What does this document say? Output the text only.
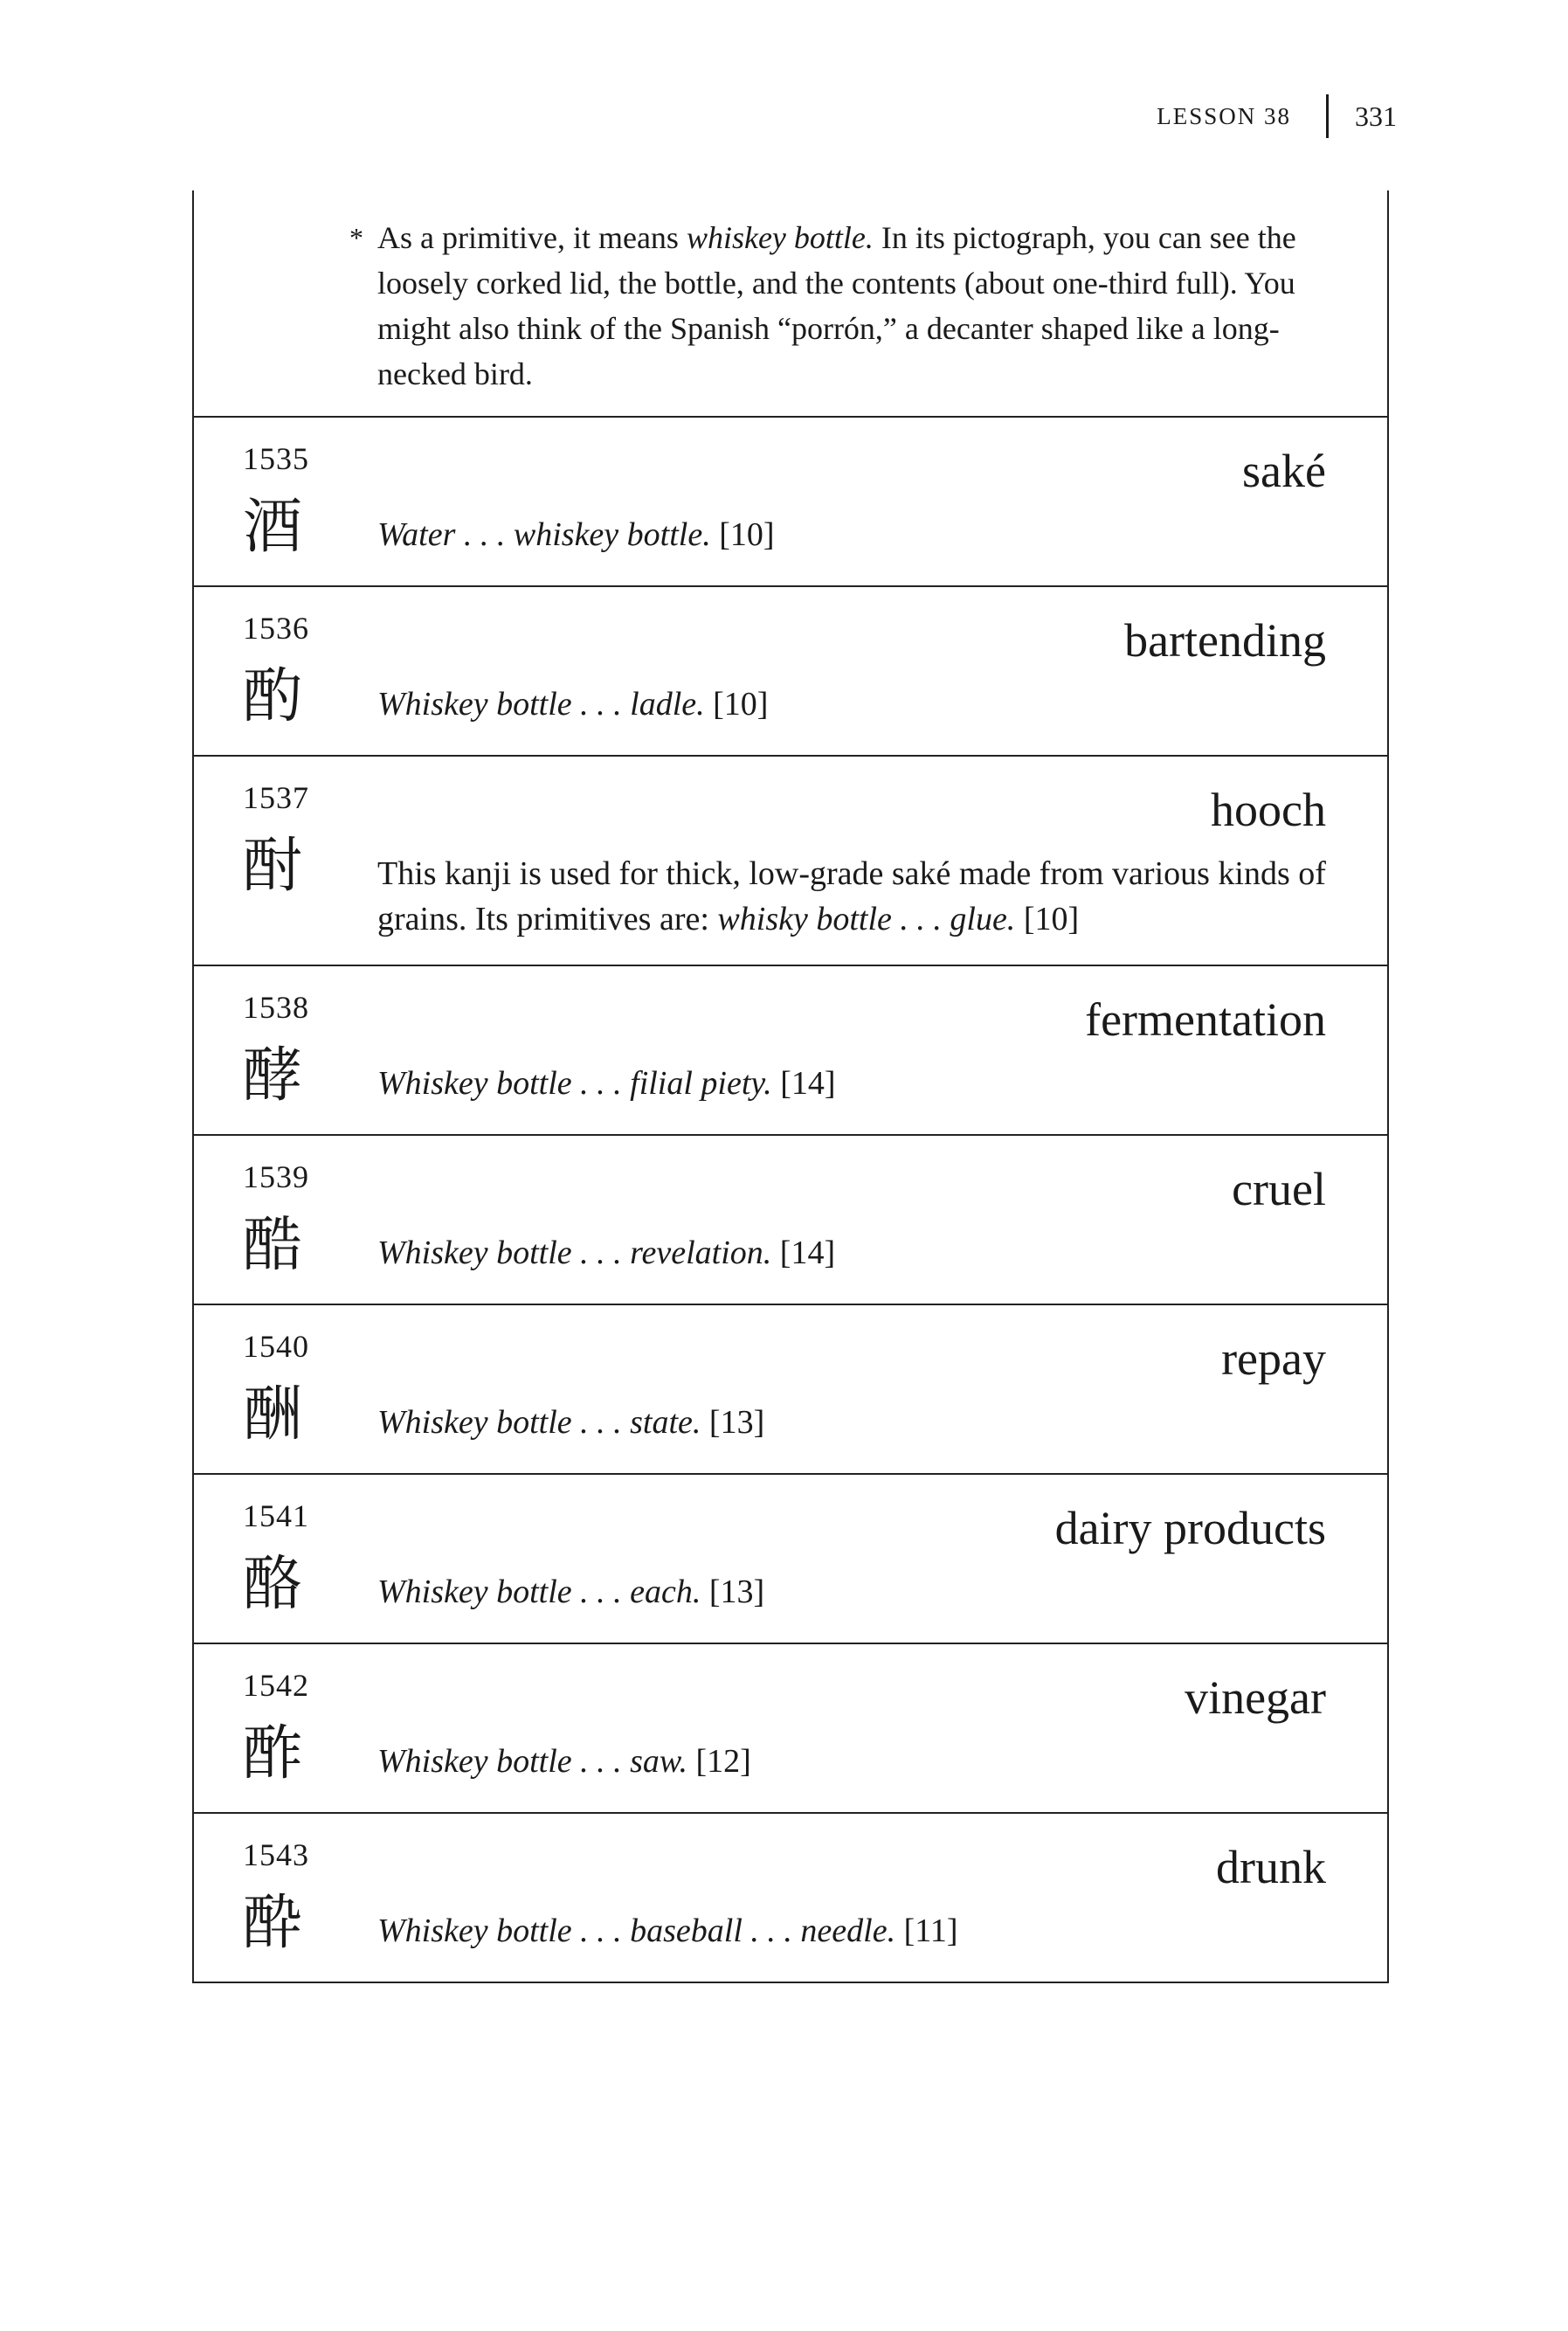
LESSON 38 331

* As a primitive, it means whiskey bottle. In its pictograph, you can see the loosely corked lid, the bottle, and the contents (about one-third full). You might also think of the Spanish “porrón,” a decanter shaped like a long-necked bird.

1535
酒
saké

Water . . . whiskey bottle. [10]

1536
酌
bartending

Whiskey bottle . . . ladle. [10]

1537
酎
hooch

This kanji is used for thick, low-grade saké made from various kinds of grains. Its primitives are: whisky bottle . . . glue. [10]

1538
酵
fermentation

Whiskey bottle . . . filial piety. [14]

1539
酷
cruel

Whiskey bottle . . . revelation. [14]

1540
酬
repay

Whiskey bottle . . . state. [13]

1541
酪
dairy products

Whiskey bottle . . . each. [13]

1542
酢
vinegar

Whiskey bottle . . . saw. [12]

1543
酔
drunk

Whiskey bottle . . . baseball . . . needle. [11]
